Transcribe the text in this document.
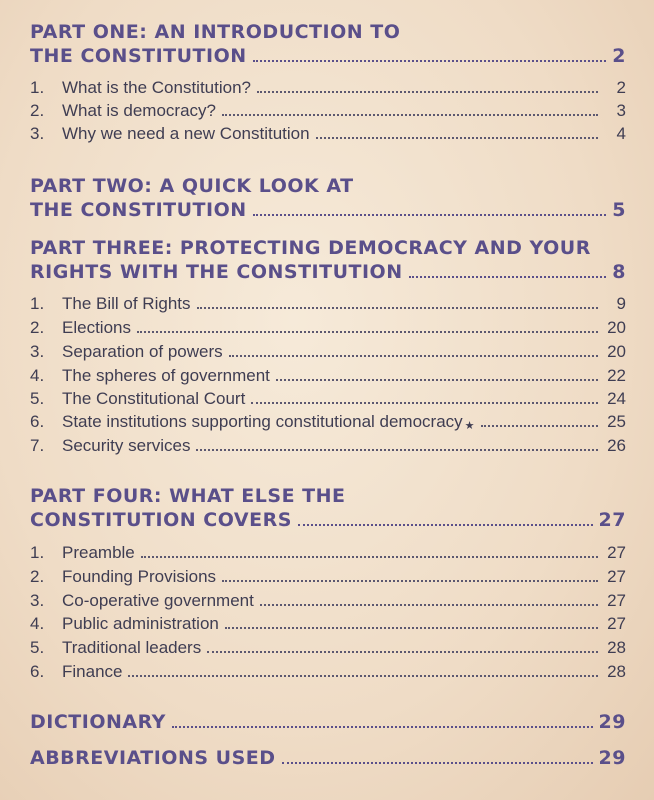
PART ONE: AN INTRODUCTION TO
THE CONSTITUTION	2
1.	What is the Constitution?	2
2.	What is democracy?	3
3.	Why we need a new Constitution	4
PART TWO: A QUICK LOOK AT
THE CONSTITUTION	5
PART THREE: PROTECTING DEMOCRACY AND YOUR
RIGHTS WITH THE CONSTITUTION	8
1.	The Bill of Rights	9
2.	Elections	20
3.	Separation of powers	20
4.	The spheres of government	22
5.	The Constitutional Court	24
6.	State institutions supporting constitutional democracy ★	25
7.	Security services	26
PART FOUR: WHAT ELSE THE
CONSTITUTION COVERS	27
1.	Preamble	27
2.	Founding Provisions	27
3.	Co-operative government	27
4.	Public administration	27
5.	Traditional leaders	28
6.	Finance	28
DICTIONARY	29
ABBREVIATIONS USED	29
